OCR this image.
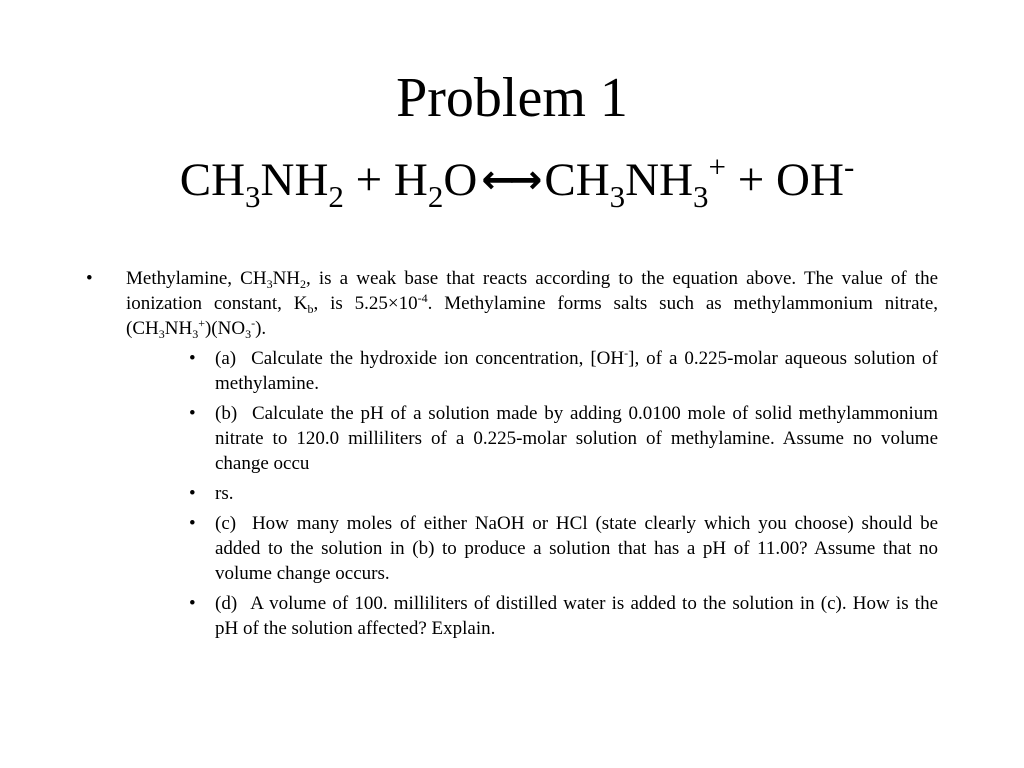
Problem 1
$CH_3NH_2 + H_2O$ ←→ $CH_3NH_3^+ + OH^-$
• Methylamine, $CH_3NH_2$, is a weak base that reacts according to the equation above. The value of the ionization constant, $K_b$, is $5.25\times 10^{-4}$. Methylamine forms salts such as methylammonium nitrate, $(CH_3NH_3^+)(NO_3^-)$.
• (a) Calculate the hydroxide ion concentration, [OH-], of a 0.225-molar aqueous solution of methylamine.
• (b) Calculate the pH of a solution made by adding 0.0100 mole of solid methylammonium nitrate to 120.0 milliliters of a 0.225-molar solution of methylamine. Assume no volume change occu
• rs.
• (c) How many moles of either NaOH or HCl (state clearly which you choose) should be added to the solution in (b) to produce a solution that has a pH of 11.00? Assume that no volume change occurs.
• (d) A volume of 100. milliliters of distilled water is added to the solution in (c). How is the pH of the solution affected? Explain.
